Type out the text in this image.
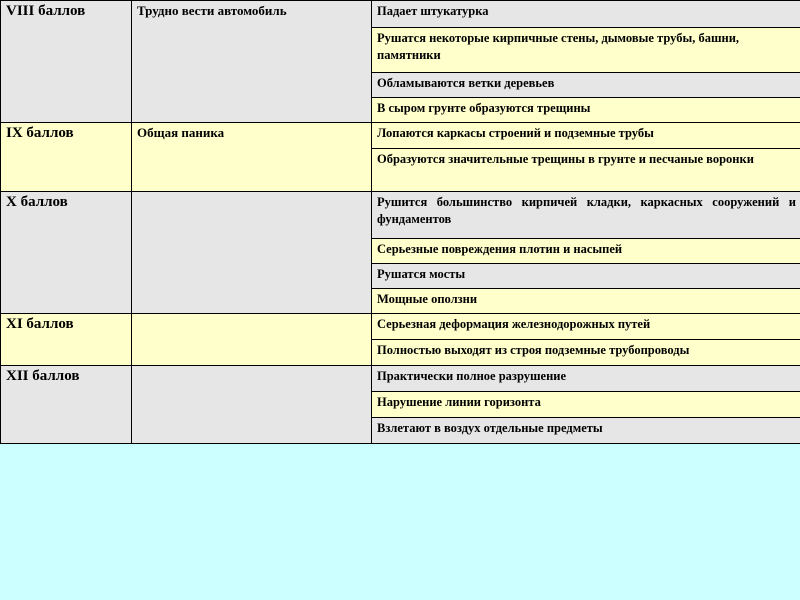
VIII баллов	Трудно вести автомобиль	Падает штукатурка
		Рушатся некоторые кирпичные стены, дымовые трубы, башни, памятники
		Обламываются ветки деревьев
		В сыром грунте образуются трещины
IX баллов	Общая паника	Лопаются каркасы строений и подземные трубы
		Образуются значительные трещины в грунте и песчаные воронки
X баллов		Рушится большинство кирпичей кладки, каркасных сооружений и фундаментов
		Серьезные повреждения плотин и насыпей
		Рушатся мосты
		Мощные оползни
XI баллов		Серьезная деформация железнодорожных путей
		Полностью выходят из строя подземные трубопроводы
XII баллов		Практически полное разрушение
		Нарушение линии горизонта
		Взлетают в воздух отдельные предметы
